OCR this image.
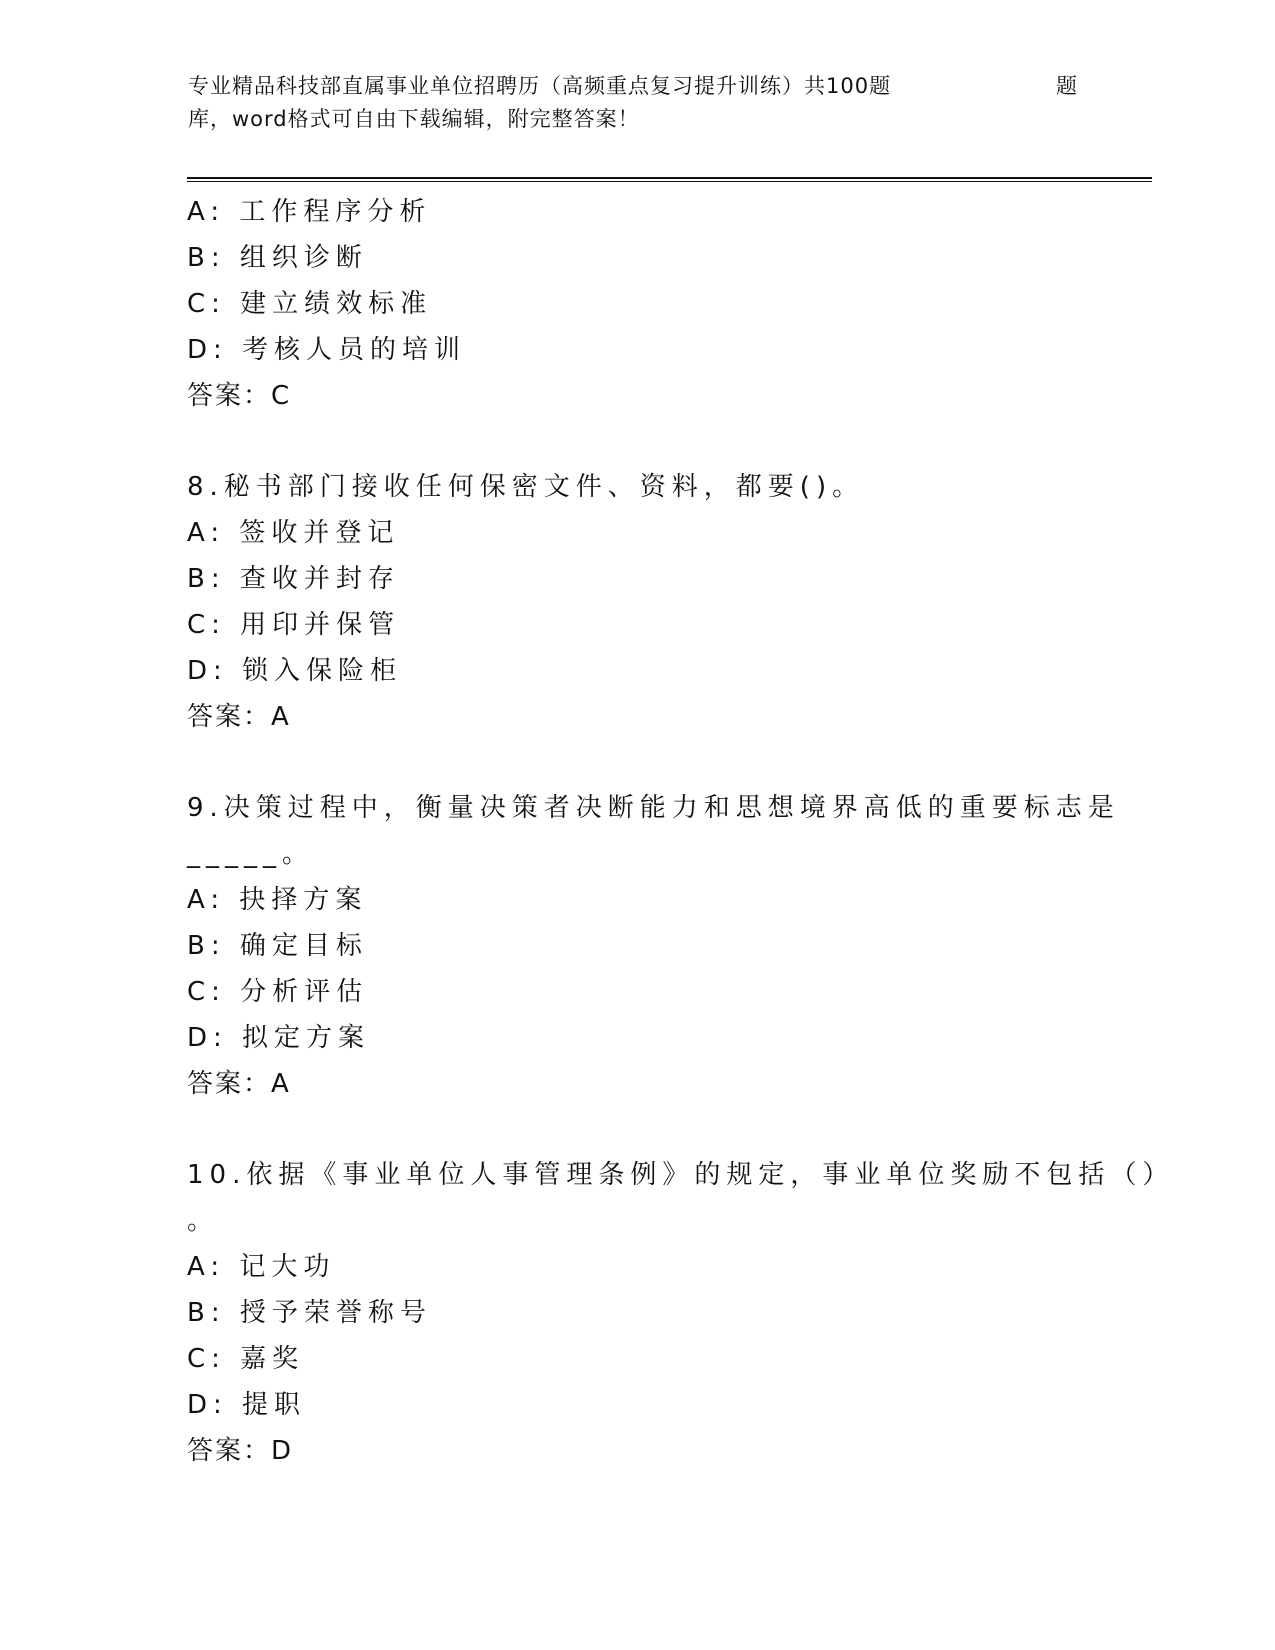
专业精品科技部直属事业单位招聘历（高频重点复习提升训练）共100题	题
库，word格式可自由下载编辑，附完整答案！
A: 工作程序分析
B: 组织诊断
C: 建立绩效标准
D: 考核人员的培训
答案：C
8.秘书部门接收任何保密文件、资料，都要()。
A: 签收并登记
B: 查收并封存
C: 用印并保管
D: 锁入保险柜
答案：A
9.决策过程中，衡量决策者决断能力和思想境界高低的重要标志是
_____。
A: 抉择方案
B: 确定目标
C: 分析评估
D: 拟定方案
答案：A
10.依据《事业单位人事管理条例》的规定，事业单位奖励不包括（）
。
A: 记大功
B: 授予荣誉称号
C: 嘉奖
D: 提职
答案：D
